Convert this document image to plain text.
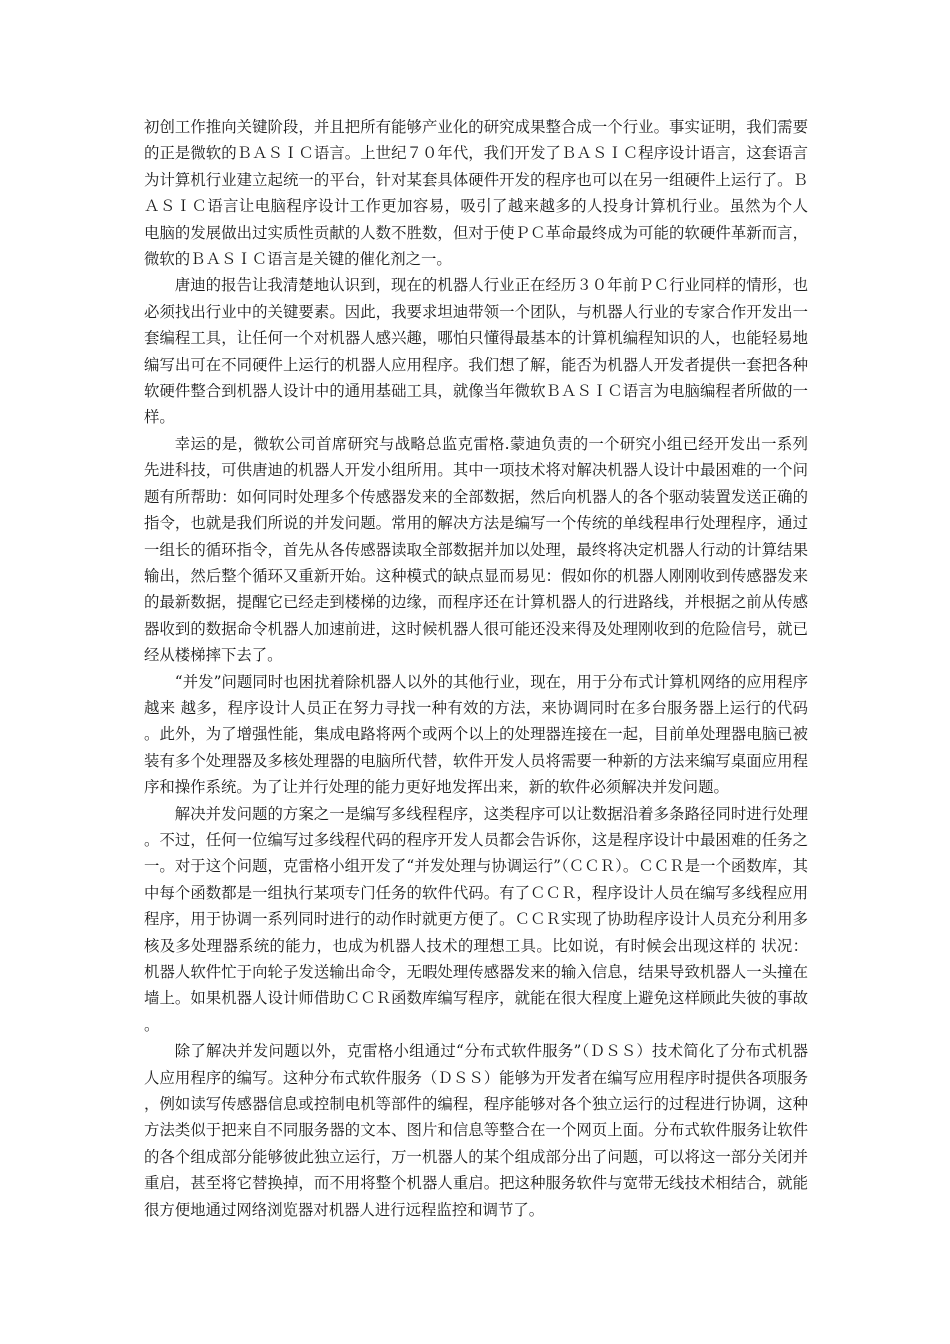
初创工作推向关键阶段，并且把所有能够产业化的研究成果整合成一个行业。事实证明，我们需要的正是微软的ＢＡＳＩＣ语言。上世纪７０年代，我们开发了ＢＡＳＩＣ程序设计语言，这套语言为计算机行业建立起统一的平台，针对某套具体硬件开发的程序也可以在另一组硬件上运行了。ＢＡＳＩＣ语言让电脑程序设计工作更加容易，吸引了越来越多的人投身计算机行业。虽然为个人 电脑的发展做出过实质性贡献的人数不胜数，但对于使ＰＣ革命最终成为可能的软硬件革新而言，微软的ＢＡＳＩＣ语言是关键的催化剂之一。

唐迪的报告让我清楚地认识到，现在的机器人行业正在经历３０年前ＰＣ行业同样的情形，也必须找出行业中的关键要素。因此，我要求坦迪带领一个团队，与机器人行业的专家合作开发出一套编程工具，让任何一个对机器人感兴趣，哪怕只懂得最基本的计算机编程知识的人，也能轻易地编写出可在不同硬件上运行的机器人应用程序。我们想了解，能否为机器人开发者提供一套把各种软硬件整合到机器人设计中的通用基础工具，就像当年微软ＢＡＳＩＣ语言为电脑编程者所做的一样。

幸运的是，微软公司首席研究与战略总监克雷格.蒙迪负责的一个研究小组已经开发出一系列先进科技，可供唐迪的机器人开发小组所用。其中一项技术将对解决机器人设计中最困难的一个问题有所帮助：如何同时处理多个传感器发来的全部数据，然后向机器人的各个驱动装置发送正确的指令，也就是我们所说的并发问题。常用的解决方法是编写一个传统的单线程串行处理程序，通过一组长的循环指令，首先从各传感器读取全部数据并加以处理，最终将决定机器人行动的计算结果输出，然后整个循环又重新开始。这种模式的缺点显而易见：假如你的机器人刚刚收到传感器发来的最新数据，提醒它已经走到楼梯的边缘，而程序还在计算机器人的行进路线，并根据之前从传感器收到的数据命令机器人加速前进，这时候机器人很可能还没来得及处理刚收到的危险信号，就已经从楼梯摔下去了。

“并发”问题同时也困扰着除机器人以外的其他行业，现在，用于分布式计算机网络的应用程序越来 越多，程序设计人员正在努力寻找一种有效的方法，来协调同时在多台服务器上运行的代码。此外，为了增强性能，集成电路将两个或两个以上的处理器连接在一起，目前单处理器电脑已被装有多个处理器及多核处理器的电脑所代替，软件开发人员将需要一种新的方法来编写桌面应用程序和操作系统。为了让并行处理的能力更好地发挥出来，新的软件必须解决并发问题。

解决并发问题的方案之一是编写多线程程序，这类程序可以让数据沿着多条路径同时进行处理。不过，任何一位编写过多线程代码的程序开发人员都会告诉你，这是程序设计中最困难的任务之一。对于这个问题，克雷格小组开发了“并发处理与协调运行”（ＣＣＲ）。ＣＣＲ是一个函数库，其中每个函数都是一组执行某项专门任务的软件代码。有了ＣＣＲ，程序设计人员在编写多线程应用程序，用于协调一系列同时进行的动作时就更方便了。ＣＣＲ实现了协助程序设计人员充分利用多核及多处理器系统的能力，也成为机器人技术的理想工具。比如说，有时候会出现这样的 状况：机器人软件忙于向轮子发送输出命令，无暇处理传感器发来的输入信息，结果导致机器人一头撞在墙上。如果机器人设计师借助ＣＣＲ函数库编写程序，就能在很大程度上避免这样顾此失彼的事故。

除了解决并发问题以外，克雷格小组通过“分布式软件服务”（ＤＳＳ）技术简化了分布式机器人应用程序的编写。这种分布式软件服务（ＤＳＳ）能够为开发者在编写应用程序时提供各项服务，例如读写传感器信息或控制电机等部件的编程，程序能够对各个独立运行的过程进行协调，这种方法类似于把来自不同服务器的文本、图片和信息等整合在一个网页上面。分布式软件服务让软件的各个组成部分能够彼此独立运行，万一机器人的某个组成部分出了问题，可以将这一部分关闭并重启，甚至将它替换掉，而不用将整个机器人重启。把这种服务软件与宽带无线技术相结合，就能很方便地通过网络浏览器对机器人进行远程监控和调节了。
